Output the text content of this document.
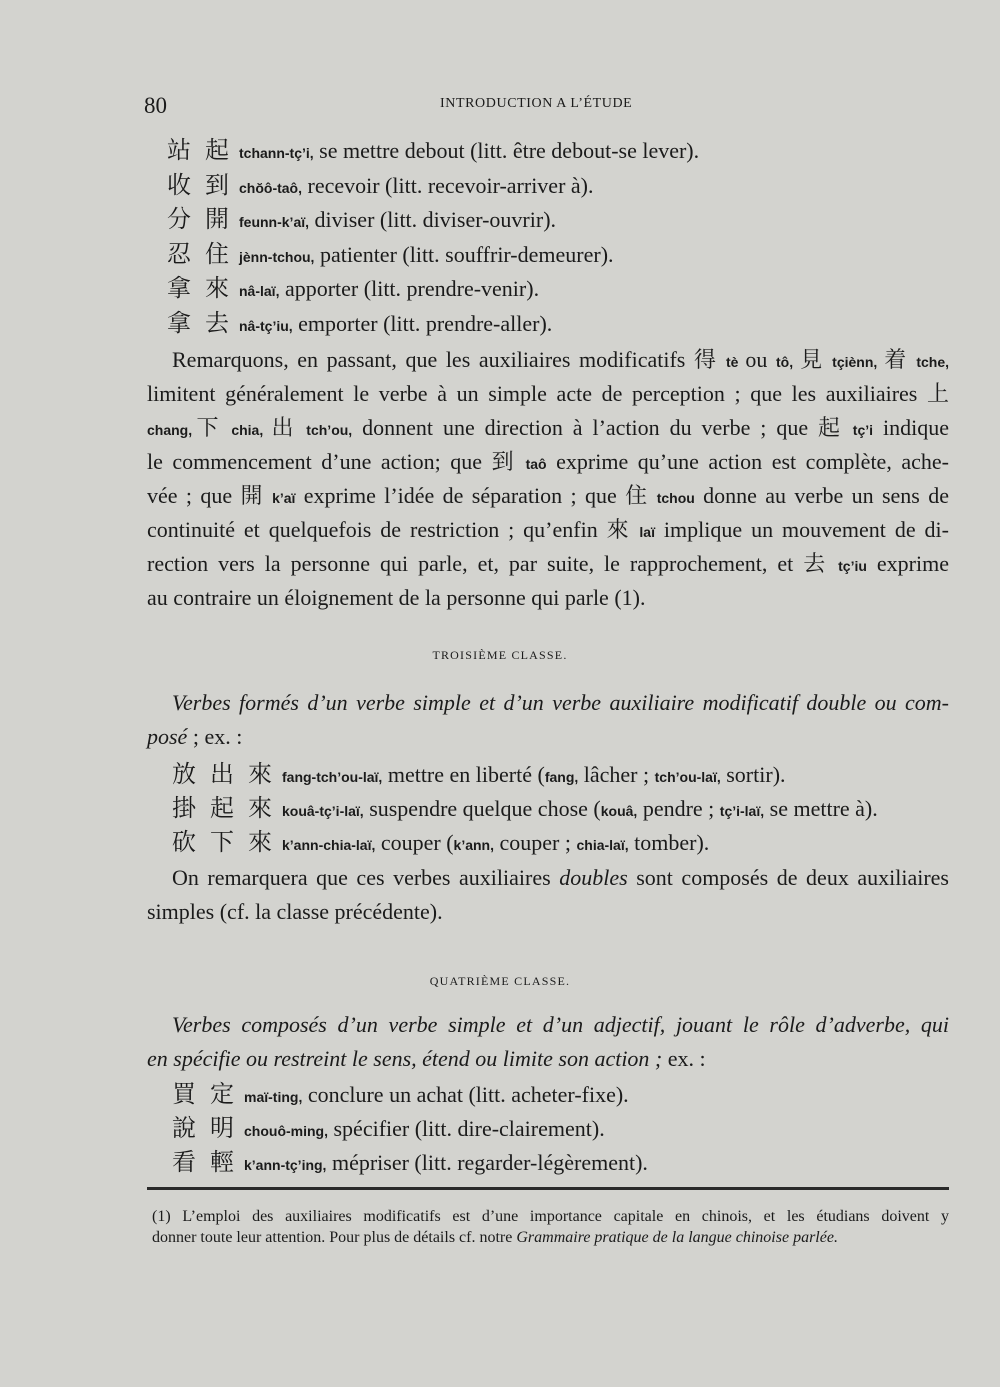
80	INTRODUCTION A L’ÉTUDE
站 起 tchann-tç’i, se mettre debout (litt. être debout-se lever).
收 到 chŏô-taô, recevoir (litt. recevoir-arriver à).
分 開 feunn-k’aï, diviser (litt. diviser-ouvrir).
忍 住 jènn-tchou, patienter (litt. souffrir-demeurer).
拿 來 nâ-laï, apporter (litt. prendre-venir).
拿 去 nâ-tç’iu, emporter (litt. prendre-aller).
Remarquons, en passant, que les auxiliaires modificatifs 得 tè ou tô, 見 tçiènn, 着 tche,
limitent généralement le verbe à un simple acte de perception ; que les auxiliaires 上
chang,下 chia, 出 tch’ou, donnent une direction à l’action du verbe ; que 起 tç’i indique
le commencement d’une action; que 到 taô exprime qu’une action est complète, ache-
vée ; que 開 k’aï exprime l’idée de séparation ; que 住 tchou donne au verbe un sens de
continuité et quelquefois de restriction ; qu’enfin 來 laï implique un mouvement de di-
rection vers la personne qui parle, et, par suite, le rapprochement, et 去 tç’iu exprime
au contraire un éloignement de la personne qui parle (1).
TROISIÈME CLASSE.
Verbes formés d’un verbe simple et d’un verbe auxiliaire modificatif double ou com-
posé ; ex. :
放 出 來 fang-tch’ou-laï, mettre en liberté (fang, lâcher ; tch’ou-laï, sortir).
掛 起 來 kouâ-tç’i-laï, suspendre quelque chose (kouâ, pendre ; tç’i-laï, se mettre à).
砍 下 來 k’ann-chia-laï, couper (k’ann, couper ; chia-laï, tomber).
On remarquera que ces verbes auxiliaires doubles sont composés de deux auxiliaires
simples (cf. la classe précédente).
QUATRIÈME CLASSE.
Verbes composés d’un verbe simple et d’un adjectif, jouant le rôle d’adverbe, qui
en spécifie ou restreint le sens, étend ou limite son action ; ex. :
買 定 maï-ting, conclure un achat (litt. acheter-fixe).
說 明 chouô-ming, spécifier (litt. dire-clairement).
看 輕 k’ann-tç’ing, mépriser (litt. regarder-légèrement).
(1) L’emploi des auxiliaires modificatifs est d’une importance capitale en chinois, et les étudians doivent y
donner toute leur attention. Pour plus de détails cf. notre Grammaire pratique de la langue chinoise parlée.
